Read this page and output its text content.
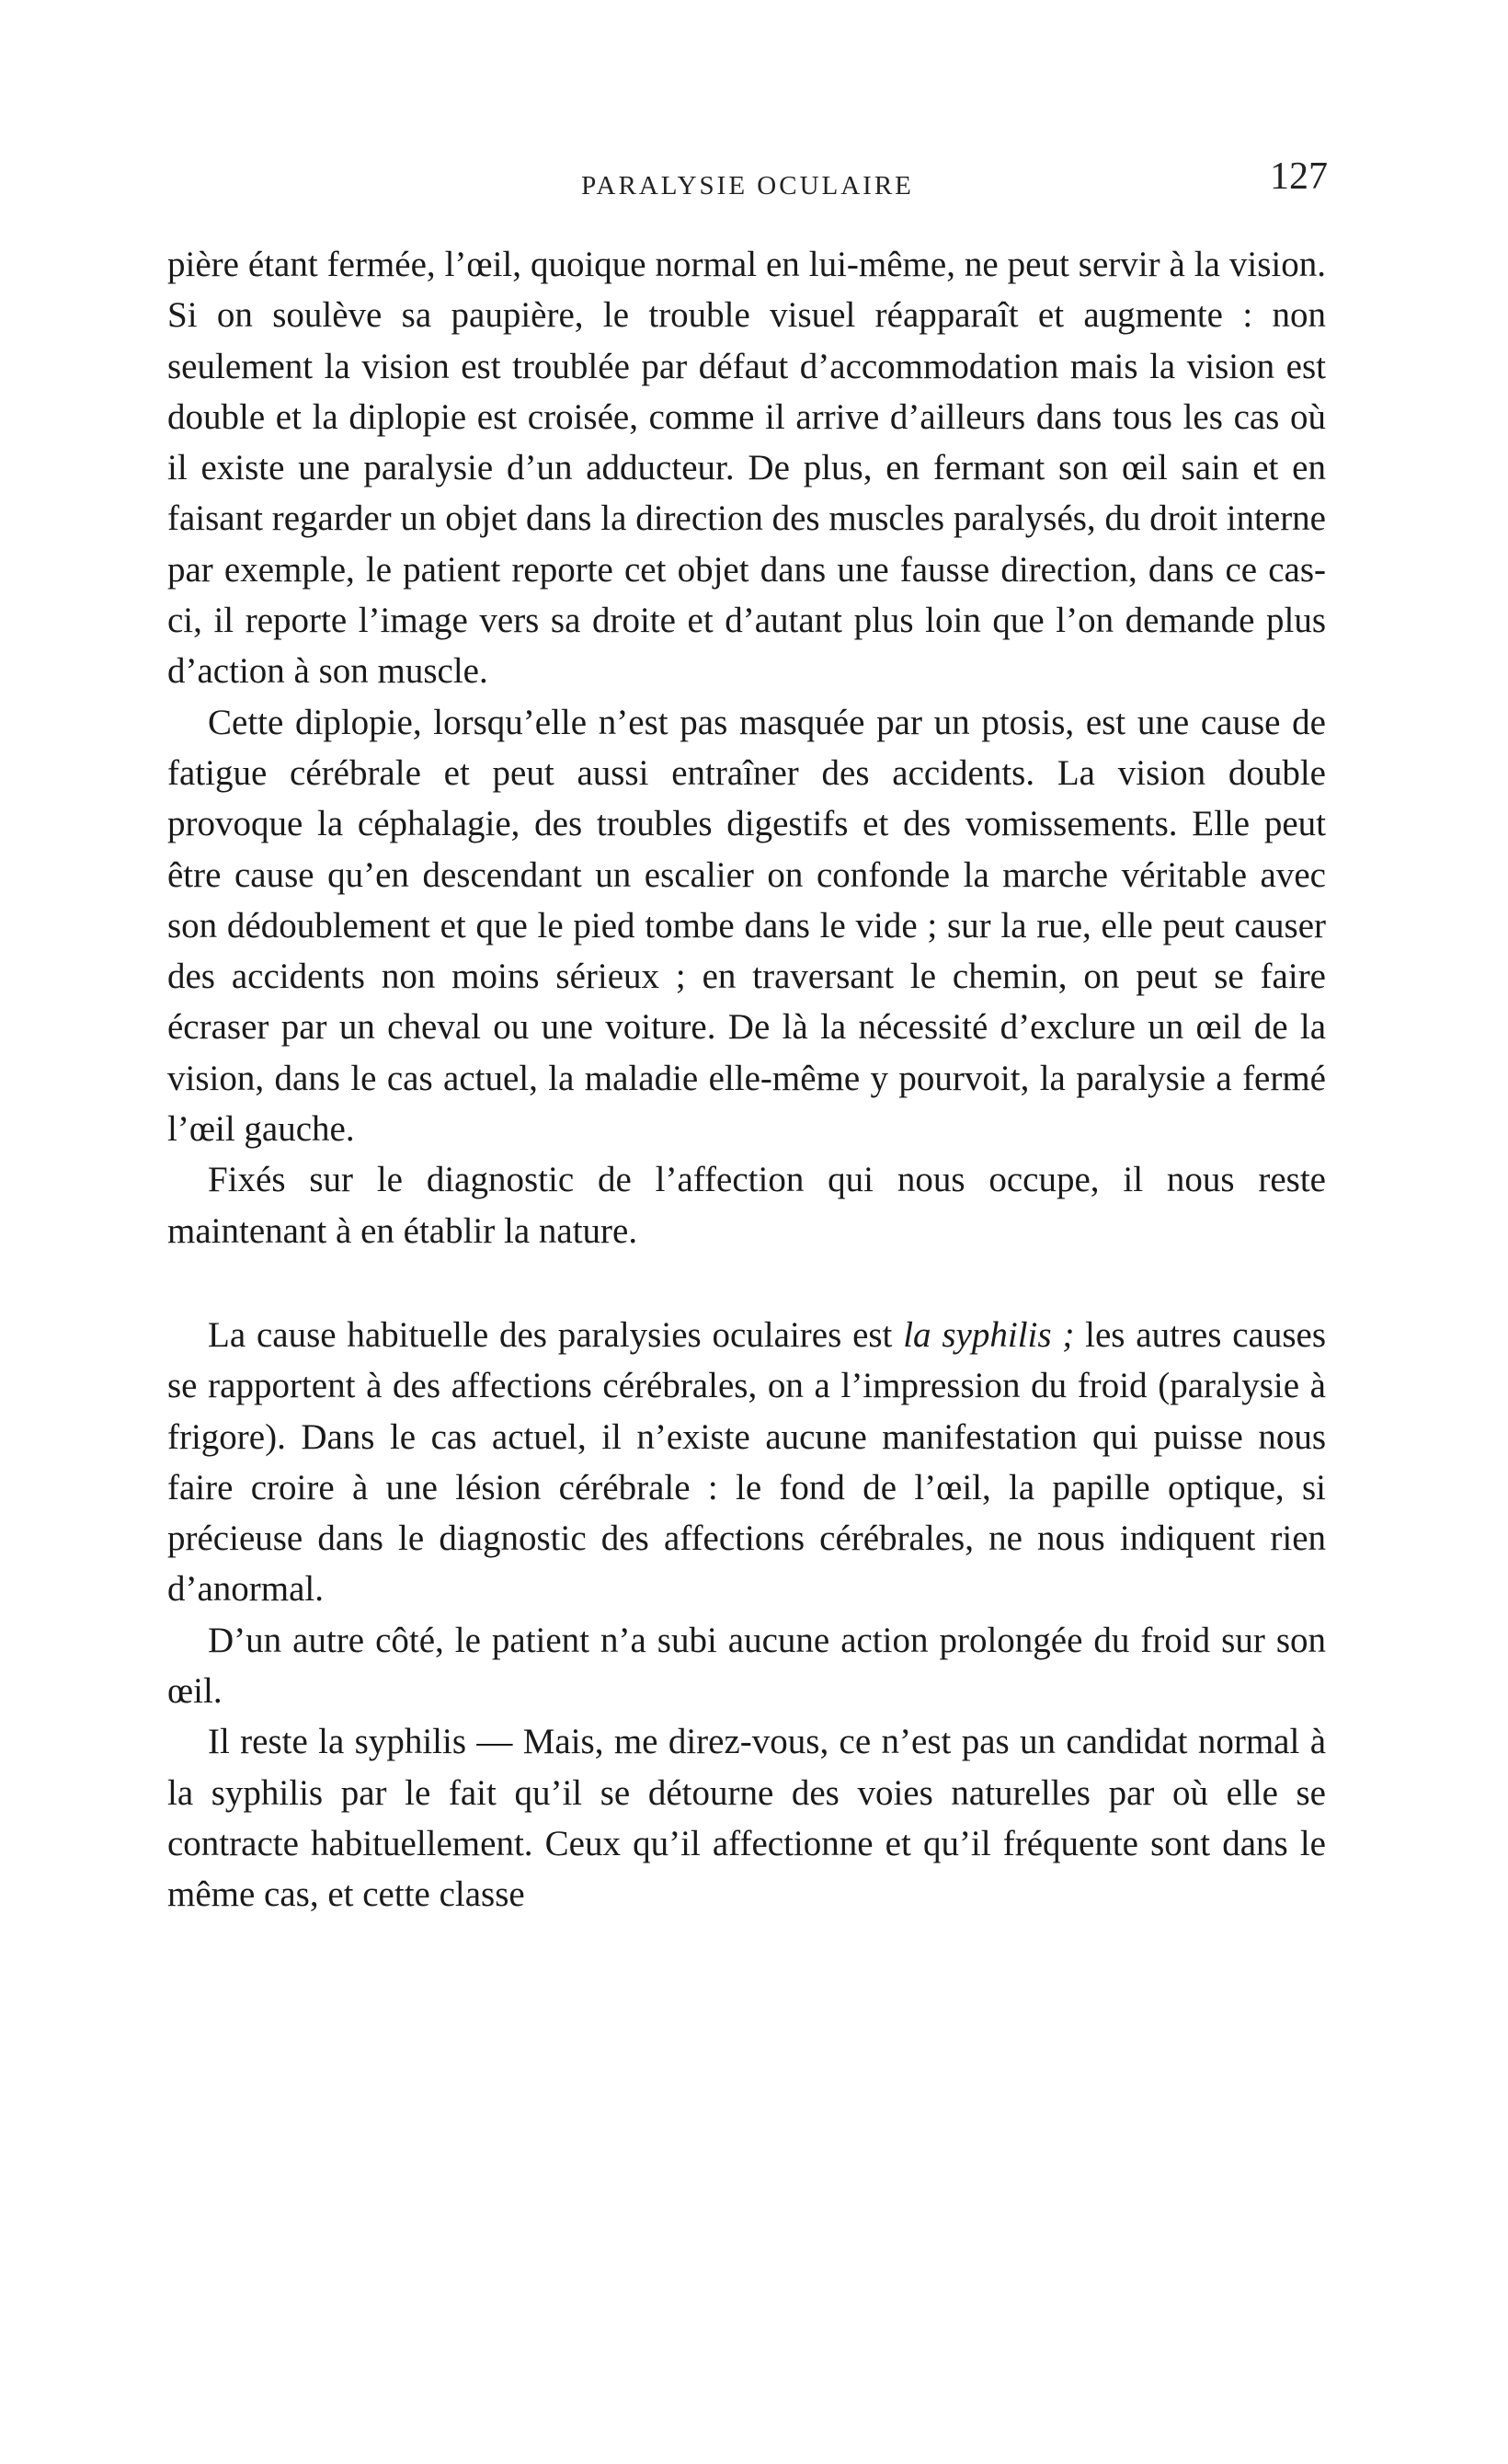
PARALYSIE OCULAIRE	127

pière étant fermée, l’œil, quoique normal en lui-même, ne peut servir à la vision. Si on soulève sa paupière, le trouble visuel réapparaît et augmente : non seulement la vision est troublée par défaut d’accommodation mais la vision est double et la diplopie est croisée, comme il arrive d’ailleurs dans tous les cas où il existe une paralysie d’un adducteur. De plus, en fermant son œil sain et en faisant regarder un objet dans la direction des muscles paralysés, du droit interne par exemple, le patient reporte cet objet dans une fausse direction, dans ce cas-ci, il reporte l’image vers sa droite et d’autant plus loin que l’on demande plus d’action à son muscle.

Cette diplopie, lorsqu’elle n’est pas masquée par un ptosis, est une cause de fatigue cérébrale et peut aussi entraîner des accidents. La vision double provoque la céphalagie, des troubles digestifs et des vomissements. Elle peut être cause qu’en descendant un escalier on confonde la marche véritable avec son dédoublement et que le pied tombe dans le vide ; sur la rue, elle peut causer des accidents non moins sérieux ; en traversant le chemin, on peut se faire écraser par un cheval ou une voiture. De là la nécessité d’exclure un œil de la vision, dans le cas actuel, la maladie elle-même y pourvoit, la paralysie a fermé l’œil gauche.

Fixés sur le diagnostic de l’affection qui nous occupe, il nous reste maintenant à en établir la nature.

La cause habituelle des paralysies oculaires est la syphilis ; les autres causes se rapportent à des affections cérébrales, on a l’impression du froid (paralysie à frigore). Dans le cas actuel, il n’existe aucune manifestation qui puisse nous faire croire à une lésion cérébrale : le fond de l’œil, la papille optique, si précieuse dans le diagnostic des affections cérébrales, ne nous indiquent rien d’anormal.

D’un autre côté, le patient n’a subi aucune action prolongée du froid sur son œil.

Il reste la syphilis — Mais, me direz-vous, ce n’est pas un candidat normal à la syphilis par le fait qu’il se détourne des voies naturelles par où elle se contracte habituellement. Ceux qu’il affectionne et qu’il fréquente sont dans le même cas, et cette classe
